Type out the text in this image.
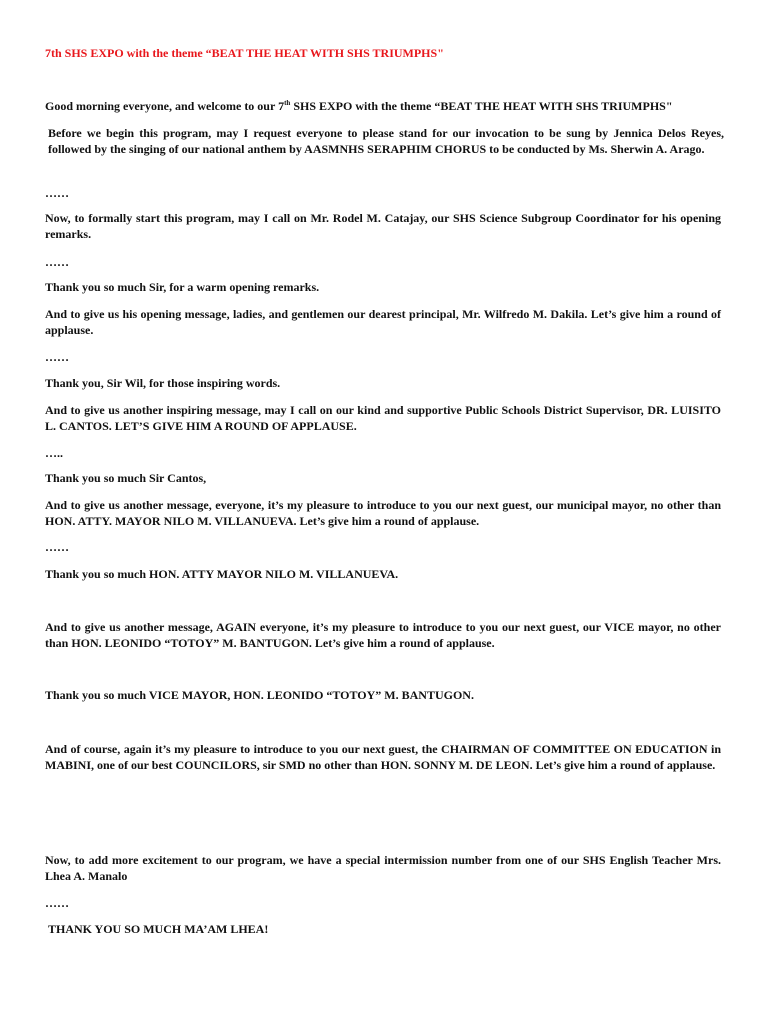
7th SHS EXPO with the theme “BEAT THE HEAT WITH SHS TRIUMPHS"

Good morning everyone, and welcome to our 7th SHS EXPO with the theme “BEAT THE HEAT WITH SHS TRIUMPHS"

Before we begin this program, may I request everyone to please stand for our invocation to be sung by Jennica Delos Reyes, followed by the singing of our national anthem by AASMNHS SERAPHIM CHORUS to be conducted by Ms. Sherwin A. Arago.

……

Now, to formally start this program, may I call on Mr. Rodel M. Catajay, our SHS Science Subgroup Coordinator for his opening remarks.

……

Thank you so much Sir, for a warm opening remarks.

And to give us his opening message, ladies, and gentlemen our dearest principal, Mr. Wilfredo M. Dakila. Let’s give him a round of applause.

……

Thank you, Sir Wil, for those inspiring words.

And to give us another inspiring message, may I call on our kind and supportive Public Schools District Supervisor, DR. LUISITO L. CANTOS. LET’S GIVE HIM A ROUND OF APPLAUSE.

…..

Thank you so much Sir Cantos,

And to give us another message, everyone, it’s my pleasure to introduce to you our next guest, our municipal mayor, no other than HON. ATTY. MAYOR NILO M. VILLANUEVA. Let’s give him a round of applause.

……

Thank you so much HON. ATTY MAYOR NILO M. VILLANUEVA.

And to give us another message, AGAIN everyone, it’s my pleasure to introduce to you our next guest, our VICE mayor, no other than HON. LEONIDO “TOTOY” M. BANTUGON. Let’s give him a round of applause.

Thank you so much VICE MAYOR, HON. LEONIDO “TOTOY” M. BANTUGON.

And of course, again it’s my pleasure to introduce to you our next guest, the CHAIRMAN OF COMMITTEE ON EDUCATION in MABINI, one of our best COUNCILORS, sir SMD no other than HON. SONNY M. DE LEON. Let’s give him a round of applause.

Now, to add more excitement to our program, we have a special intermission number from one of our SHS English Teacher Mrs. Lhea A. Manalo

……

THANK YOU SO MUCH MA’AM LHEA!
